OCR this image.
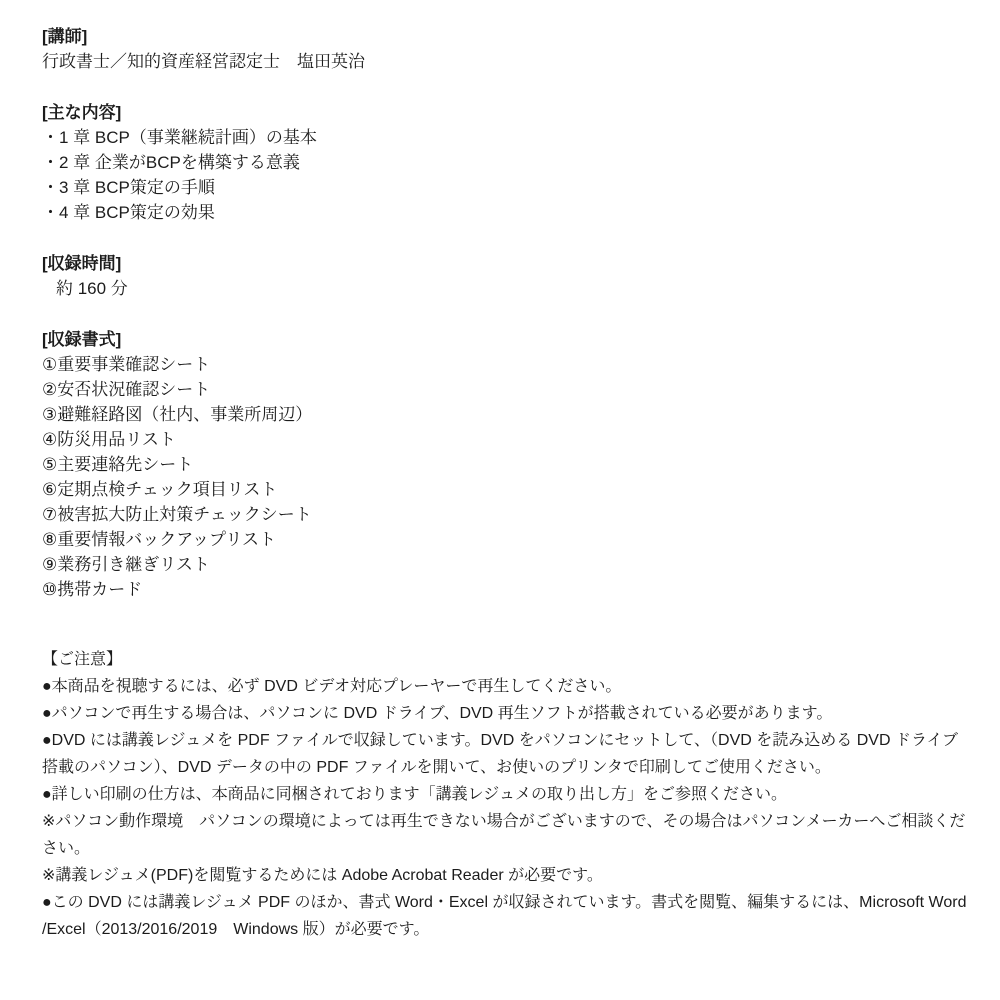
[講師]

行政書士／知的資産経営認定士　塩田英治

[主な内容]

・1 章 BCP（事業継続計画）の基本

・2 章 企業がBCPを構築する意義

・3 章 BCP策定の手順

・4 章 BCP策定の効果

[収録時間]

約 160 分

[収録書式]

①重要事業確認シート

②安否状況確認シート

③避難経路図（社内、事業所周辺）

④防災用品リスト

⑤主要連絡先シート

⑥定期点検チェック項目リスト

⑦被害拡大防止対策チェックシート

⑧重要情報バックアップリスト

⑨業務引き継ぎリスト

⑩携帯カード

【ご注意】

●本商品を視聴するには、必ず DVD ビデオ対応プレーヤーで再生してください。

●パソコンで再生する場合は、パソコンに DVD ドライブ、DVD 再生ソフトが搭載されている必要があります。

●DVD には講義レジュメを PDF ファイルで収録しています。DVD をパソコンにセットして、（DVD を読み込める DVD ドライブ搭載のパソコン）、DVD データの中の PDF ファイルを開いて、お使いのプリンタで印刷してご使用ください。

●詳しい印刷の仕方は、本商品に同梱されております「講義レジュメの取り出し方」をご参照ください。

※パソコン動作環境　パソコンの環境によっては再生できない場合がございますので、その場合はパソコンメーカーへご相談ください。

※講義レジュメ(PDF)を閲覧するためには Adobe Acrobat Reader が必要です。

●この DVD には講義レジュメ PDF のほか、書式 Word・Excel が収録されています。書式を閲覧、編集するには、Microsoft Word /Excel（2013/2016/2019　Windows 版）が必要です。
